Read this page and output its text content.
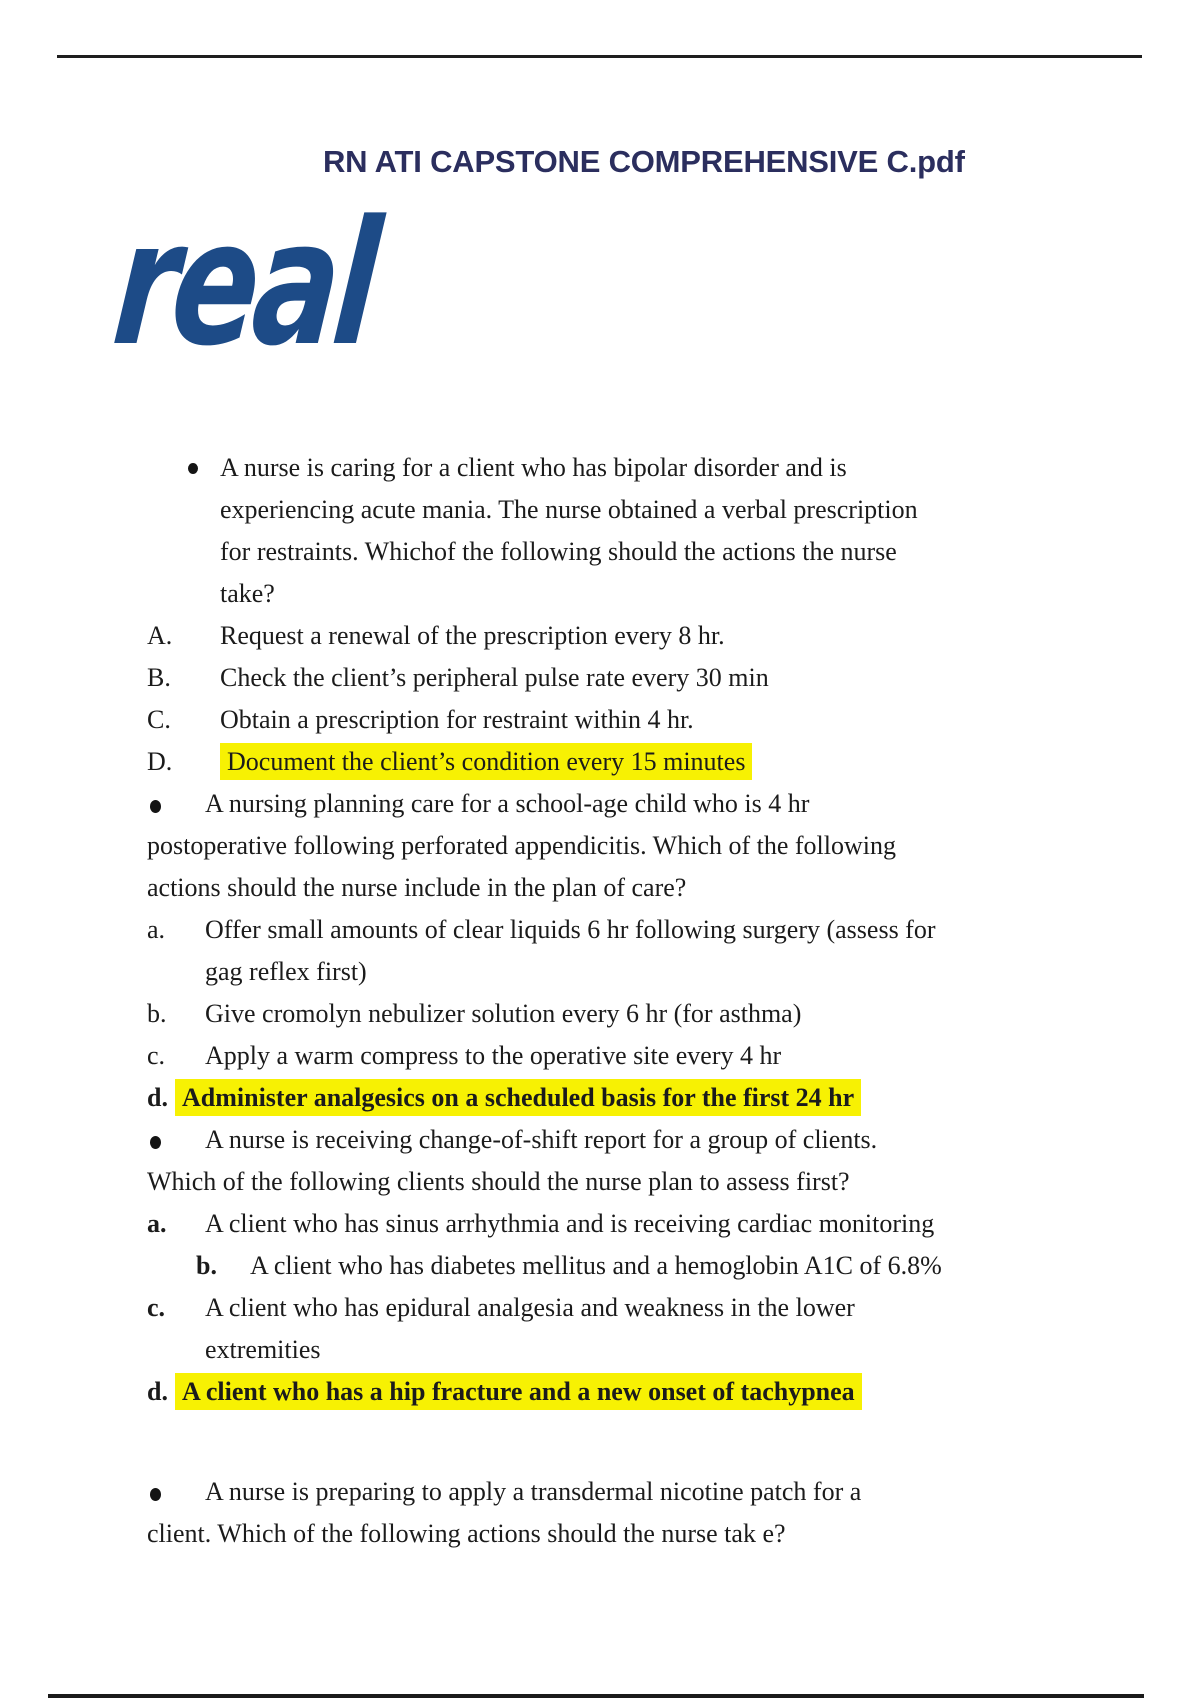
RN ATI CAPSTONE COMPREHENSIVE C.pdf
real
A nurse is caring for a client who has bipolar disorder and is
experiencing acute mania. The nurse obtained a verbal prescription
for restraints. Whichof the following should the actions the nurse
take?
A.	Request a renewal of the prescription every 8 hr.
B.	Check the client’s peripheral pulse rate every 30 min
C.	Obtain a prescription for restraint within 4 hr.
D.	Document the client’s condition every 15 minutes
A nursing planning care for a school-age child who is 4 hr
postoperative following perforated appendicitis. Which of the following
actions should the nurse include in the plan of care?
a.	Offer small amounts of clear liquids 6 hr following surgery (assess for
gag reflex first)
b.	Give cromolyn nebulizer solution every 6 hr (for asthma)
c.	Apply a warm compress to the operative site every 4 hr
d. Administer analgesics on a scheduled basis for the first 24 hr
A nurse is receiving change-of-shift report for a group of clients.
Which of the following clients should the nurse plan to assess first?
a.	A client who has sinus arrhythmia and is receiving cardiac monitoring
b.	A client who has diabetes mellitus and a hemoglobin A1C of 6.8%
c.	A client who has epidural analgesia and weakness in the lower
extremities
d. A client who has a hip fracture and a new onset of tachypnea
A nurse is preparing to apply a transdermal nicotine patch for a
client. Which of the following actions should the nurse tak e?
